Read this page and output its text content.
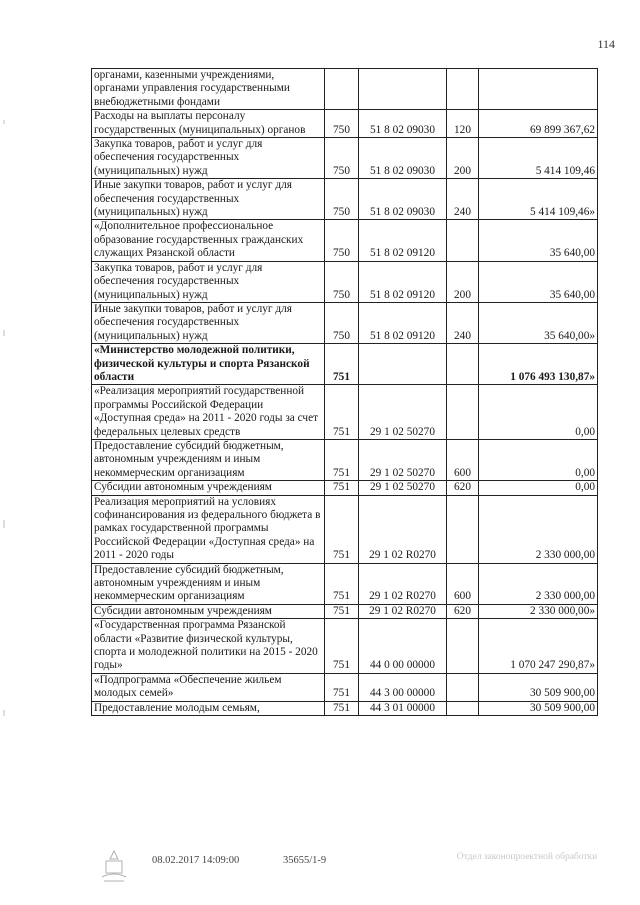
114
органами, казенными учреждениями, органами управления государственными внебюджетными фондами				
Расходы на выплаты персоналу государственных (муниципальных) органов	750	51 8 02 09030	120	69 899 367,62
Закупка товаров, работ и услуг для обеспечения государственных (муниципальных) нужд	750	51 8 02 09030	200	5 414 109,46
Иные закупки товаров, работ и услуг для обеспечения государственных (муниципальных) нужд	750	51 8 02 09030	240	5 414 109,46»
«Дополнительное профессиональное образование государственных гражданских служащих Рязанской области	750	51 8 02 09120		35 640,00
Закупка товаров, работ и услуг для обеспечения государственных (муниципальных) нужд	750	51 8 02 09120	200	35 640,00
Иные закупки товаров, работ и услуг для обеспечения государственных (муниципальных) нужд	750	51 8 02 09120	240	35 640,00»
«Министерство молодежной политики, физической культуры и спорта Рязанской области	751			1 076 493 130,87»
«Реализация мероприятий государственной программы Российской Федерации «Доступная среда» на 2011 - 2020 годы за счет федеральных целевых средств	751	29 1 02 50270		0,00
Предоставление субсидий бюджетным, автономным учреждениям и иным некоммерческим организациям	751	29 1 02 50270	600	0,00
Субсидии автономным учреждениям	751	29 1 02 50270	620	0,00
Реализация мероприятий на условиях софинансирования из федерального бюджета в рамках государственной программы Российской Федерации «Доступная среда» на 2011 - 2020 годы	751	29 1 02 R0270		2 330 000,00
Предоставление субсидий бюджетным, автономным учреждениям и иным некоммерческим организациям	751	29 1 02 R0270	600	2 330 000,00
Субсидии автономным учреждениям	751	29 1 02 R0270	620	2 330 000,00»
«Государственная программа Рязанской области «Развитие физической культуры, спорта и молодежной политики на 2015 - 2020 годы»	751	44 0 00 00000		1 070 247 290,87»
«Подпрограмма «Обеспечение жильем молодых семей»	751	44 3 00 00000		30 509 900,00
Предоставление молодым семьям,	751	44 3 01 00000		30 509 900,00
08.02.2017 14:09:00	35655/1-9	Отдел законопроектной обработки
